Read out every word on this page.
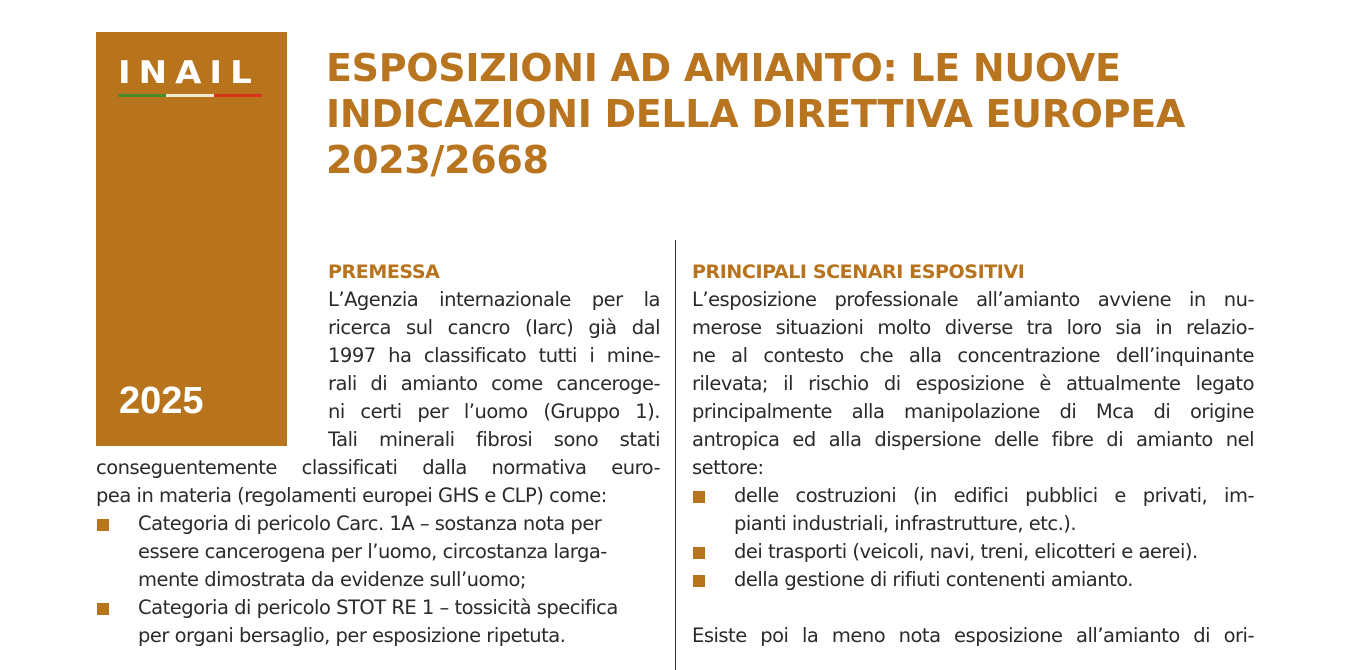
INAIL
2025
ESPOSIZIONI AD AMIANTO: LE NUOVE
INDICAZIONI DELLA DIRETTIVA EUROPEA
2023/2668
PREMESSA
L’Agenzia internazionale per la
ricerca sul cancro (Iarc) già dal
1997 ha classificato tutti i mine-
rali di amianto come canceroge-
ni certi per l’uomo (Gruppo 1).
Tali minerali fibrosi sono stati
conseguentemente classificati dalla normativa euro-
pea in materia (regolamenti europei GHS e CLP) come:
Categoria di pericolo Carc. 1A – sostanza nota per
essere cancerogena per l’uomo, circostanza larga-
mente dimostrata da evidenze sull’uomo;
Categoria di pericolo STOT RE 1 – tossicità specifica
per organi bersaglio, per esposizione ripetuta.
PRINCIPALI SCENARI ESPOSITIVI
L’esposizione professionale all’amianto avviene in nu-
merose situazioni molto diverse tra loro sia in relazio-
ne al contesto che alla concentrazione dell’inquinante
rilevata; il rischio di esposizione è attualmente legato
principalmente alla manipolazione di Mca di origine
antropica ed alla dispersione delle fibre di amianto nel
settore:
delle costruzioni (in edifici pubblici e privati, im-
pianti industriali, infrastrutture, etc.).
dei trasporti (veicoli, navi, treni, elicotteri e aerei).
della gestione di rifiuti contenenti amianto.
Esiste poi la meno nota esposizione all’amianto di ori-
